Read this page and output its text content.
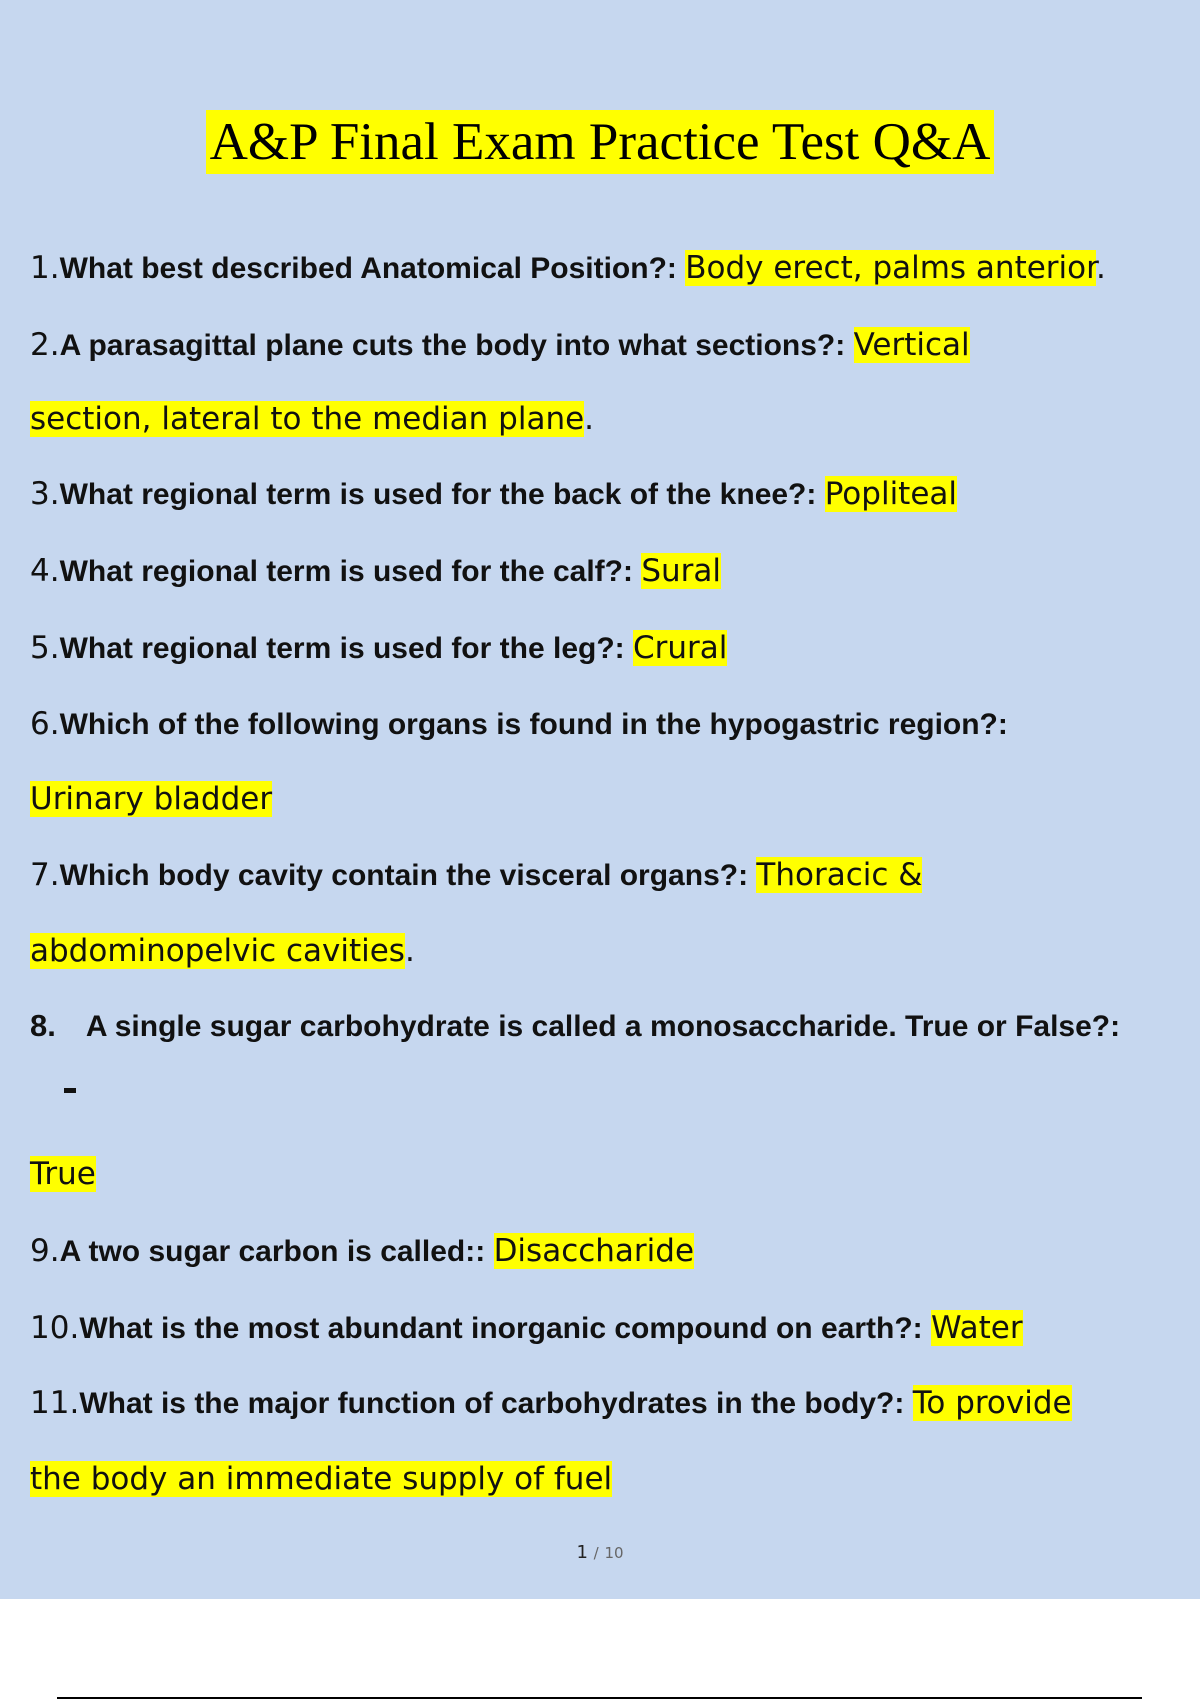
A&P Final Exam Practice Test Q&A
1.What best described Anatomical Position?: Body erect, palms anterior.
2.A parasagittal plane cuts the body into what sections?: Vertical
section, lateral to the median plane.
3.What regional term is used for the back of the knee?: Popliteal
4.What regional term is used for the calf?: Sural
5.What regional term is used for the leg?: Crural
6.Which of the following organs is found in the hypogastric region?:
Urinary bladder
7.Which body cavity contain the visceral organs?: Thoracic &
abdominopelvic cavities.
8. A single sugar carbohydrate is called a monosaccharide. True or False?:
True
9.A two sugar carbon is called:: Disaccharide
10.What is the most abundant inorganic compound on earth?: Water
11.What is the major function of carbohydrates in the body?: To provide
the body an immediate supply of fuel
1 / 10
